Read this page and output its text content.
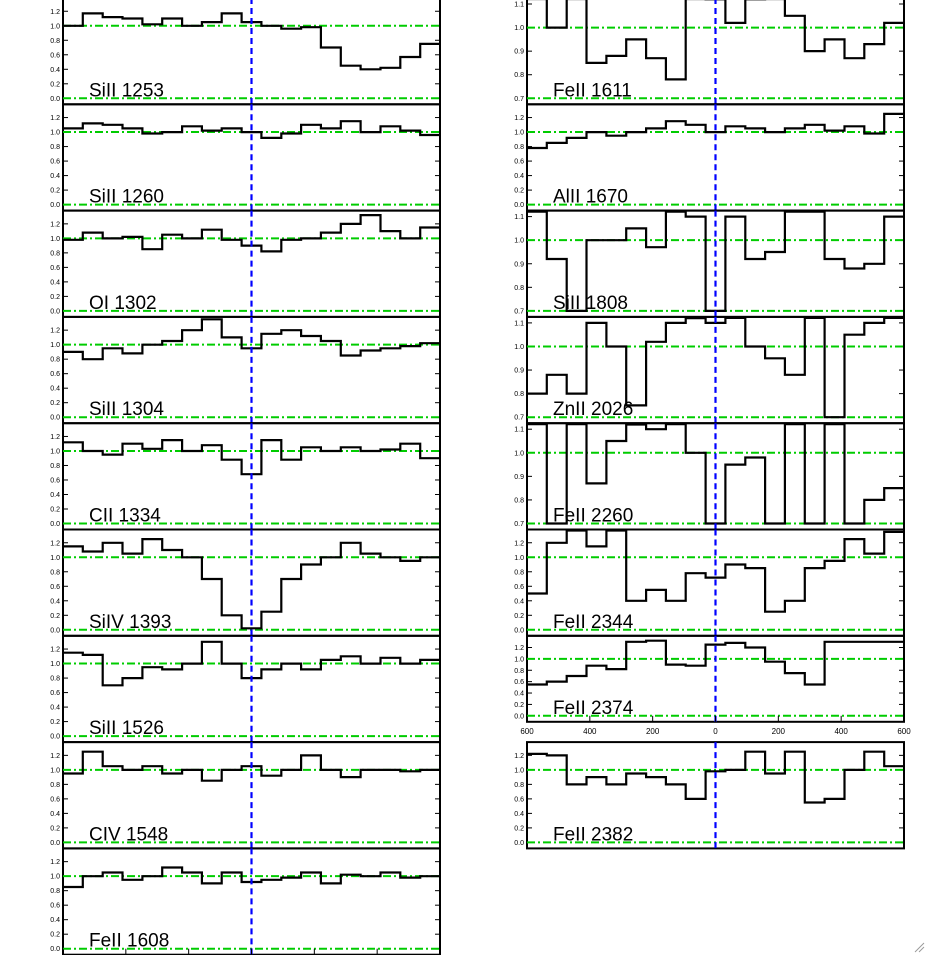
1.2
1.0
0.8
0.6
0.4
0.2
0.0 SiII 1253
1.2
1.0
0.8
0.6
0.4
0.2
0.0 SiII 1260
1.2
1.0
0.8
0.6
0.4
0.2
0.0 OI 1302
1.2
1.0
0.8
0.6
0.4
0.2
0.0 SiII 1304
1.2
1.0
0.8
0.6
0.4
0.2
0.0 CII 1334
1.2
1.0
0.8
0.6
0.4
0.2
0.0 SiIV 1393
1.2
1.0
0.8
0.6
0.4
0.2
0.0 SiII 1526
1.2
1.0
0.8
0.6
0.4
0.2
0.0 CIV 1548
1.2
1.0
0.8
0.6
0.4
0.2
0.0 FeII 1608
1.1
1.0
0.9
0.8
0.7 FeII 1611
1.2
1.0
0.8
0.6
0.4
0.2
0.0 AlII 1670
1.1
1.0
0.9
0.8
0.7 SiII 1808
1.1
1.0
0.9
0.8
0.7 ZnII 2026
1.1
1.0
0.9
0.8
0.7 FeII 2260
1.2
1.0
0.8
0.6
0.4
0.2
0.0 FeII 2344
1.2
1.0
0.8
0.6
0.4
0.2
0.0 FeII 2374
1.2
1.0
0.8
0.6
0.4
0.2
0.0 FeII 2382
600	400	200	0	200	400	600
